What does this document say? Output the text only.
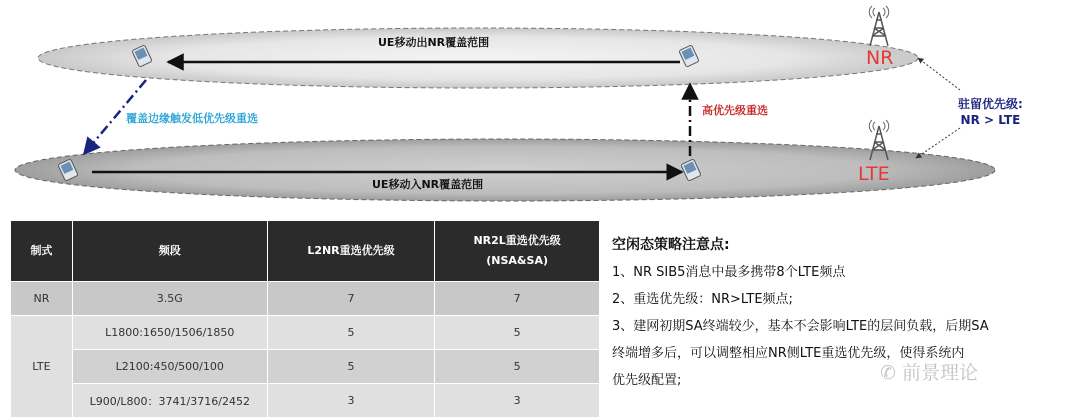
UE移动出NR覆盖范围
UE移动入NR覆盖范围
覆盖边缘触发低优先级重选
高优先级重选
NR
LTE
驻留优先级:
NR > LTE
制式	频段	L2NR重选优先级	NR2L重选优先级
(NSA&SA)

NR	3.5G	7	7
LTE	L1800:1650/1506/1850	5	5
	L2100:450/500/100	5	5
	L900/L800：3741/3716/2452	3	3

空闲态策略注意点:

1、NR SIB5消息中最多携带8个LTE频点

2、重选优先级：NR>LTE频点;

3、建网初期SA终端较少，基本不会影响LTE的层间负载，后期SA

终端增多后，可以调整相应NR侧LTE重选优先级，使得系统内

优先级配置;	✆ 前景理论
